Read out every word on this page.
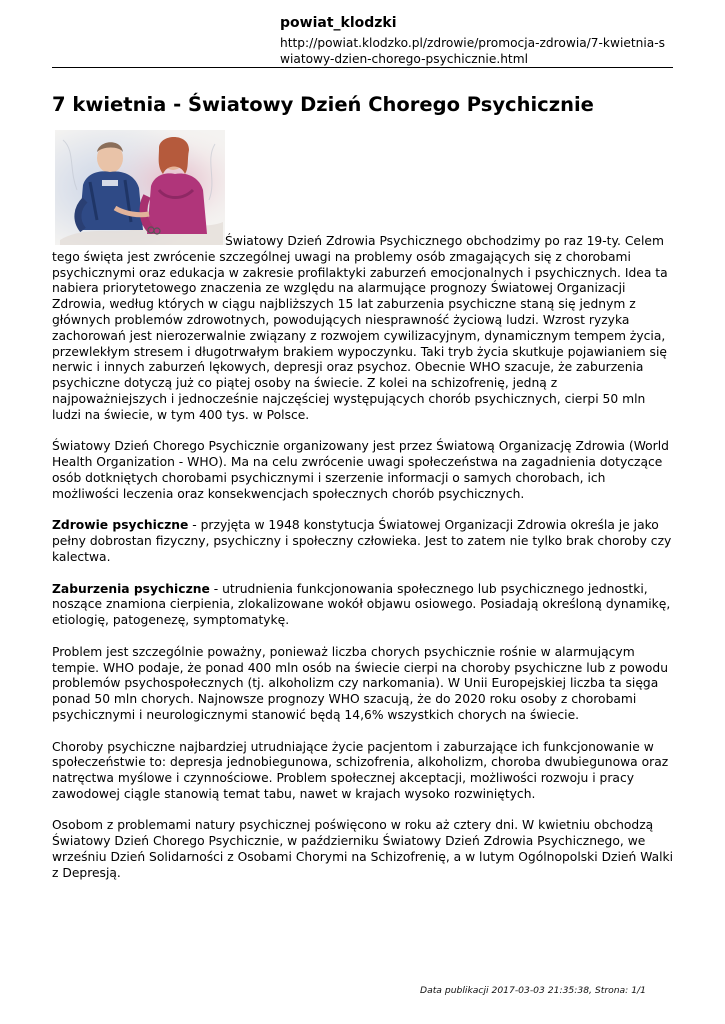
powiat_klodzki
http://powiat.klodzko.pl/zdrowie/promocja-zdrowia/7-kwietnia-swiatowy-dzien-chorego-psychicznie.html
7 kwietnia - Światowy Dzień Chorego Psychicznie

Światowy Dzień Zdrowia Psychicznego obchodzimy po raz 19-ty. Celem tego święta jest zwrócenie szczególnej uwagi na problemy osób zmagających się z chorobami psychicznymi oraz edukacja w zakresie profilaktyki zaburzeń emocjonalnych i psychicznych. Idea ta nabiera priorytetowego znaczenia ze względu na alarmujące prognozy Światowej Organizacji Zdrowia, według których w ciągu najbliższych 15 lat zaburzenia psychiczne staną się jednym z głównych problemów zdrowotnych, powodujących niesprawność życiową ludzi. Wzrost ryzyka zachorowań jest nierozerwalnie związany z rozwojem cywilizacyjnym, dynamicznym tempem życia, przewlekłym stresem i długotrwałym brakiem wypoczynku. Taki tryb życia skutkuje pojawianiem się nerwic i innych zaburzeń lękowych, depresji oraz psychoz. Obecnie WHO szacuje, że zaburzenia psychiczne dotyczą już co piątej osoby na świecie. Z kolei na schizofrenię, jedną z najpoważniejszych i jednocześnie najczęściej występujących chorób psychicznych, cierpi 50 mln ludzi na świecie, w tym 400 tys. w Polsce.

Światowy Dzień Chorego Psychicznie organizowany jest przez Światową Organizację Zdrowia (World Health Organization - WHO). Ma na celu zwrócenie uwagi społeczeństwa na zagadnienia dotyczące osób dotkniętych chorobami psychicznymi i szerzenie informacji o samych chorobach, ich możliwości leczenia oraz konsekwencjach społecznych chorób psychicznych.

Zdrowie psychiczne - przyjęta w 1948 konstytucja Światowej Organizacji Zdrowia określa je jako pełny dobrostan fizyczny, psychiczny i społeczny człowieka. Jest to zatem nie tylko brak choroby czy kalectwa.

Zaburzenia psychiczne - utrudnienia funkcjonowania społecznego lub psychicznego jednostki, noszące znamiona cierpienia, zlokalizowane wokół objawu osiowego. Posiadają określoną dynamikę, etiologię, patogenezę, symptomatykę.

Problem jest szczególnie poważny, ponieważ liczba chorych psychicznie rośnie w alarmującym tempie. WHO podaje, że ponad 400 mln osób na świecie cierpi na choroby psychiczne lub z powodu problemów psychospołecznych (tj. alkoholizm czy narkomania). W Unii Europejskiej liczba ta sięga ponad 50 mln chorych. Najnowsze prognozy WHO szacują, że do 2020 roku osoby z chorobami psychicznymi i neurologicznymi stanowić będą 14,6% wszystkich chorych na świecie.

Choroby psychiczne najbardziej utrudniające życie pacjentom i zaburzające ich funkcjonowanie w społeczeństwie to: depresja jednobiegunowa, schizofrenia, alkoholizm, choroba dwubiegunowa oraz natręctwa myślowe i czynnościowe. Problem społecznej akceptacji, możliwości rozwoju i pracy zawodowej ciągle stanowią temat tabu, nawet w krajach wysoko rozwiniętych.

Osobom z problemami natury psychicznej poświęcono w roku aż cztery dni. W kwietniu obchodzą Światowy Dzień Chorego Psychicznie, w październiku Światowy Dzień Zdrowia Psychicznego, we wrześniu Dzień Solidarności z Osobami Chorymi na Schizofrenię, a w lutym Ogólnopolski Dzień Walki z Depresją.

Data publikacji 2017-03-03 21:35:38, Strona: 1/1
